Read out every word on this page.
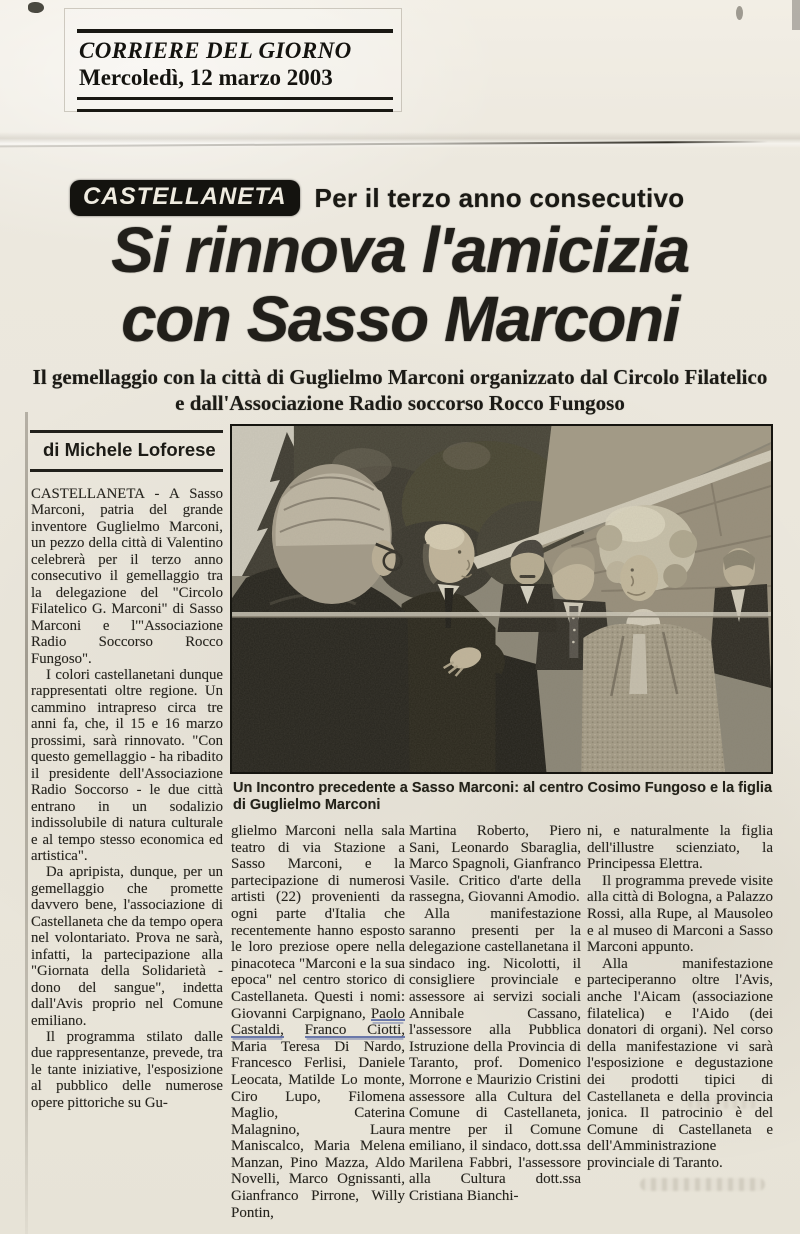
CORRIERE DEL GIORNO
Mercoledì, 12 marzo 2003
CASTELLANETA	Per il terzo anno consecutivo
Si rinnova l'amicizia
con Sasso Marconi
Il gemellaggio con la città di Guglielmo Marconi organizzato dal Circolo Filatelico e dall'Associazione Radio soccorso Rocco Fungoso
di Michele Loforese
Un Incontro precedente a Sasso Marconi: al centro Cosimo Fungoso e la figlia di Guglielmo Marconi

CASTELLANETA - A Sasso Marconi, patria del grande inventore Guglielmo Marconi, un pezzo della città di Valentino celebrerà per il terzo anno consecutivo il gemellaggio tra la delegazione del "Circolo Filatelico G. Marconi" di Sasso Marconi e l'"Associazione Radio Soccorso Rocco Fungoso".

I colori castellanetani dunque rappresentati oltre regione. Un cammino intrapreso circa tre anni fa, che, il 15 e 16 marzo prossimi, sarà rinnovato. "Con questo gemellaggio - ha ribadito il presidente dell'Associazione Radio Soccorso - le due città entrano in un sodalizio indissolubile di natura culturale e al tempo stesso economica ed artistica".

Da apripista, dunque, per un gemellaggio che promette davvero bene, l'associazione di Castellaneta che da tempo opera nel volontariato. Prova ne sarà, infatti, la partecipazione alla "Giornata della Solidarietà - dono del sangue", indetta dall'Avis proprio nel Comune emiliano.

Il programma stilato dalle due rappresentanze, prevede, tra le tante iniziative, l'esposizione al pubblico delle numerose opere pittoriche su Gu-

glielmo Marconi nella sala teatro di via Stazione a Sasso Marconi, e la partecipazione di numerosi artisti (22) provenienti da ogni parte d'Italia che recentemente hanno esposto le loro preziose opere nella pinacoteca "Marconi e la sua epoca" nel centro storico di Castellaneta. Questi i nomi: Giovanni Carpignano, Paolo Castaldi, Franco Ciotti, Maria Teresa Di Nardo, Francesco Ferlisi, Daniele Leocata, Matilde Lo monte, Ciro Lupo, Filomena Maglio, Caterina Malagnino, Laura Maniscalco, Maria Melena Manzan, Pino Mazza, Aldo Novelli, Marco Ognissanti, Gianfranco Pirrone, Willy Pontin,

Martina Roberto, Piero Sani, Leonardo Sbaraglia, Marco Spagnoli, Gianfranco Vasile. Critico d'arte della rassegna, Giovanni Amodio.

Alla manifestazione saranno presenti per la delegazione castellanetana il sindaco ing. Nicolotti, il consigliere provinciale e assessore ai servizi sociali Annibale Cassano, l'assessore alla Pubblica Istruzione della Provincia di Taranto, prof. Domenico Morrone e Maurizio Cristini assessore alla Cultura del Comune di Castellaneta, mentre per il Comune emiliano, il sindaco, dott.ssa Marilena Fabbri, l'assessore alla Cultura dott.ssa Cristiana Bianchi-

ni, e naturalmente la figlia dell'illustre scienziato, la Principessa Elettra.

Il programma prevede visite alla città di Bologna, a Palazzo Rossi, alla Rupe, al Mausoleo e al museo di Marconi a Sasso Marconi appunto.

Alla manifestazione parteciperanno oltre l'Avis, anche l'Aicam (associazione filatelica) e l'Aido (dei donatori di organi). Nel corso della manifestazione vi sarà l'esposizione e degustazione dei prodotti tipici di Castellaneta e della provincia jonica. Il patrocinio è del Comune di Castellaneta e dell'Amministrazione provinciale di Taranto.
